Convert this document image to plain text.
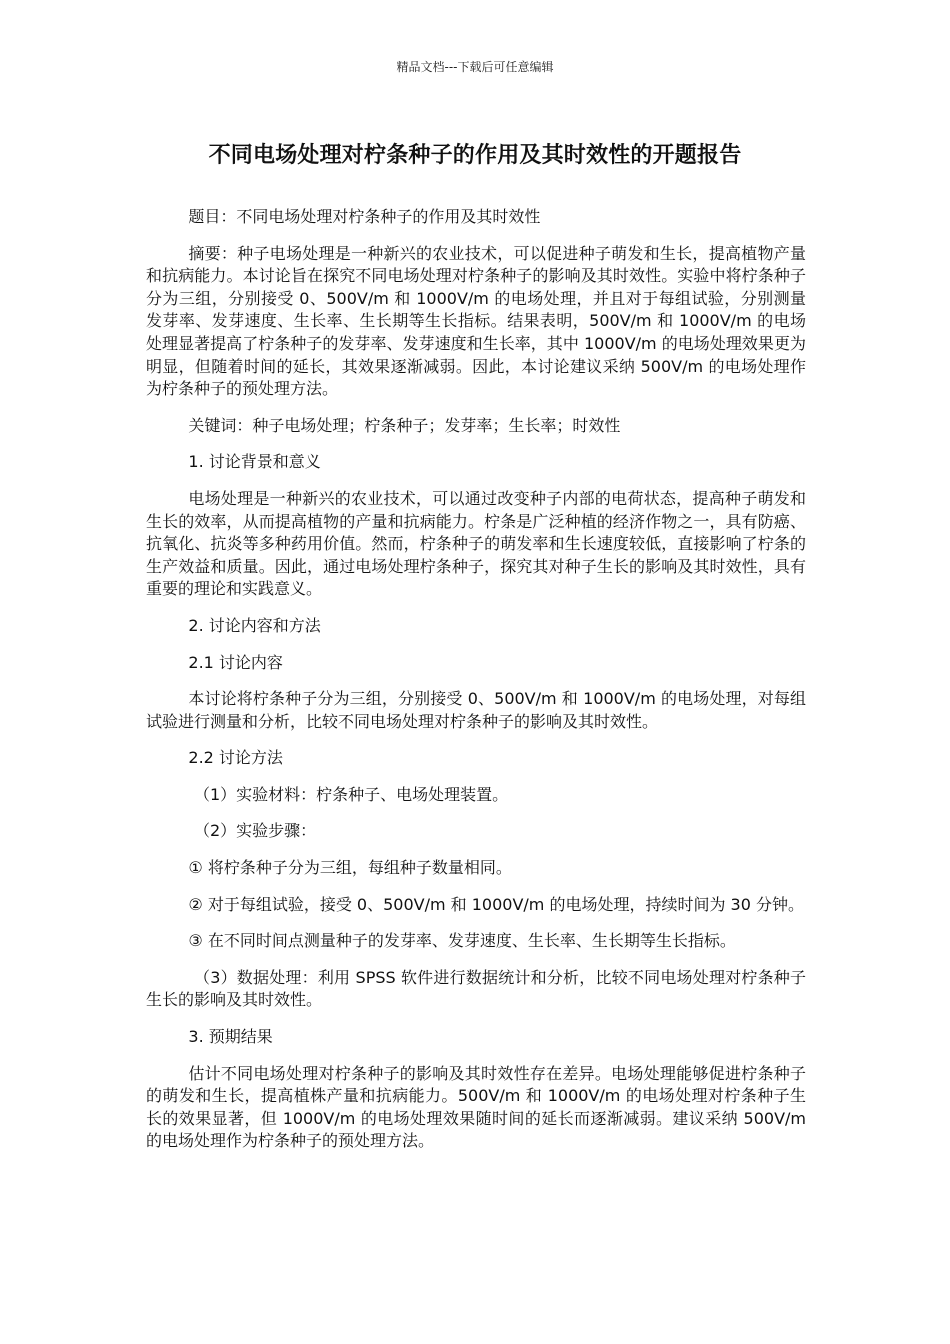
精品文档---下载后可任意编辑
不同电场处理对柠条种子的作用及其时效性的开题报告

题目：不同电场处理对柠条种子的作用及其时效性

摘要：种子电场处理是一种新兴的农业技术，可以促进种子萌发和生长，提高植物产量和抗病能力。本讨论旨在探究不同电场处理对柠条种子的影响及其时效性。实验中将柠条种子分为三组，分别接受 0、500V/m 和 1000V/m 的电场处理，并且对于每组试验，分别测量发芽率、发芽速度、生长率、生长期等生长指标。结果表明，500V/m 和 1000V/m 的电场处理显著提高了柠条种子的发芽率、发芽速度和生长率，其中 1000V/m 的电场处理效果更为明显，但随着时间的延长，其效果逐渐减弱。因此，本讨论建议采纳 500V/m 的电场处理作为柠条种子的预处理方法。

关键词：种子电场处理；柠条种子；发芽率；生长率；时效性

1. 讨论背景和意义

电场处理是一种新兴的农业技术，可以通过改变种子内部的电荷状态，提高种子萌发和生长的效率，从而提高植物的产量和抗病能力。柠条是广泛种植的经济作物之一，具有防癌、抗氧化、抗炎等多种药用价值。然而，柠条种子的萌发率和生长速度较低，直接影响了柠条的生产效益和质量。因此，通过电场处理柠条种子，探究其对种子生长的影响及其时效性，具有重要的理论和实践意义。

2. 讨论内容和方法

2.1 讨论内容

本讨论将柠条种子分为三组，分别接受 0、500V/m 和 1000V/m 的电场处理，对每组试验进行测量和分析，比较不同电场处理对柠条种子的影响及其时效性。

2.2 讨论方法

（1）实验材料：柠条种子、电场处理装置。

（2）实验步骤：

① 将柠条种子分为三组，每组种子数量相同。

② 对于每组试验，接受 0、500V/m 和 1000V/m 的电场处理，持续时间为 30 分钟。

③ 在不同时间点测量种子的发芽率、发芽速度、生长率、生长期等生长指标。

（3）数据处理：利用 SPSS 软件进行数据统计和分析，比较不同电场处理对柠条种子生长的影响及其时效性。

3. 预期结果

估计不同电场处理对柠条种子的影响及其时效性存在差异。电场处理能够促进柠条种子的萌发和生长，提高植株产量和抗病能力。500V/m 和 1000V/m 的电场处理对柠条种子生长的效果显著，但 1000V/m 的电场处理效果随时间的延长而逐渐减弱。建议采纳 500V/m 的电场处理作为柠条种子的预处理方法。
